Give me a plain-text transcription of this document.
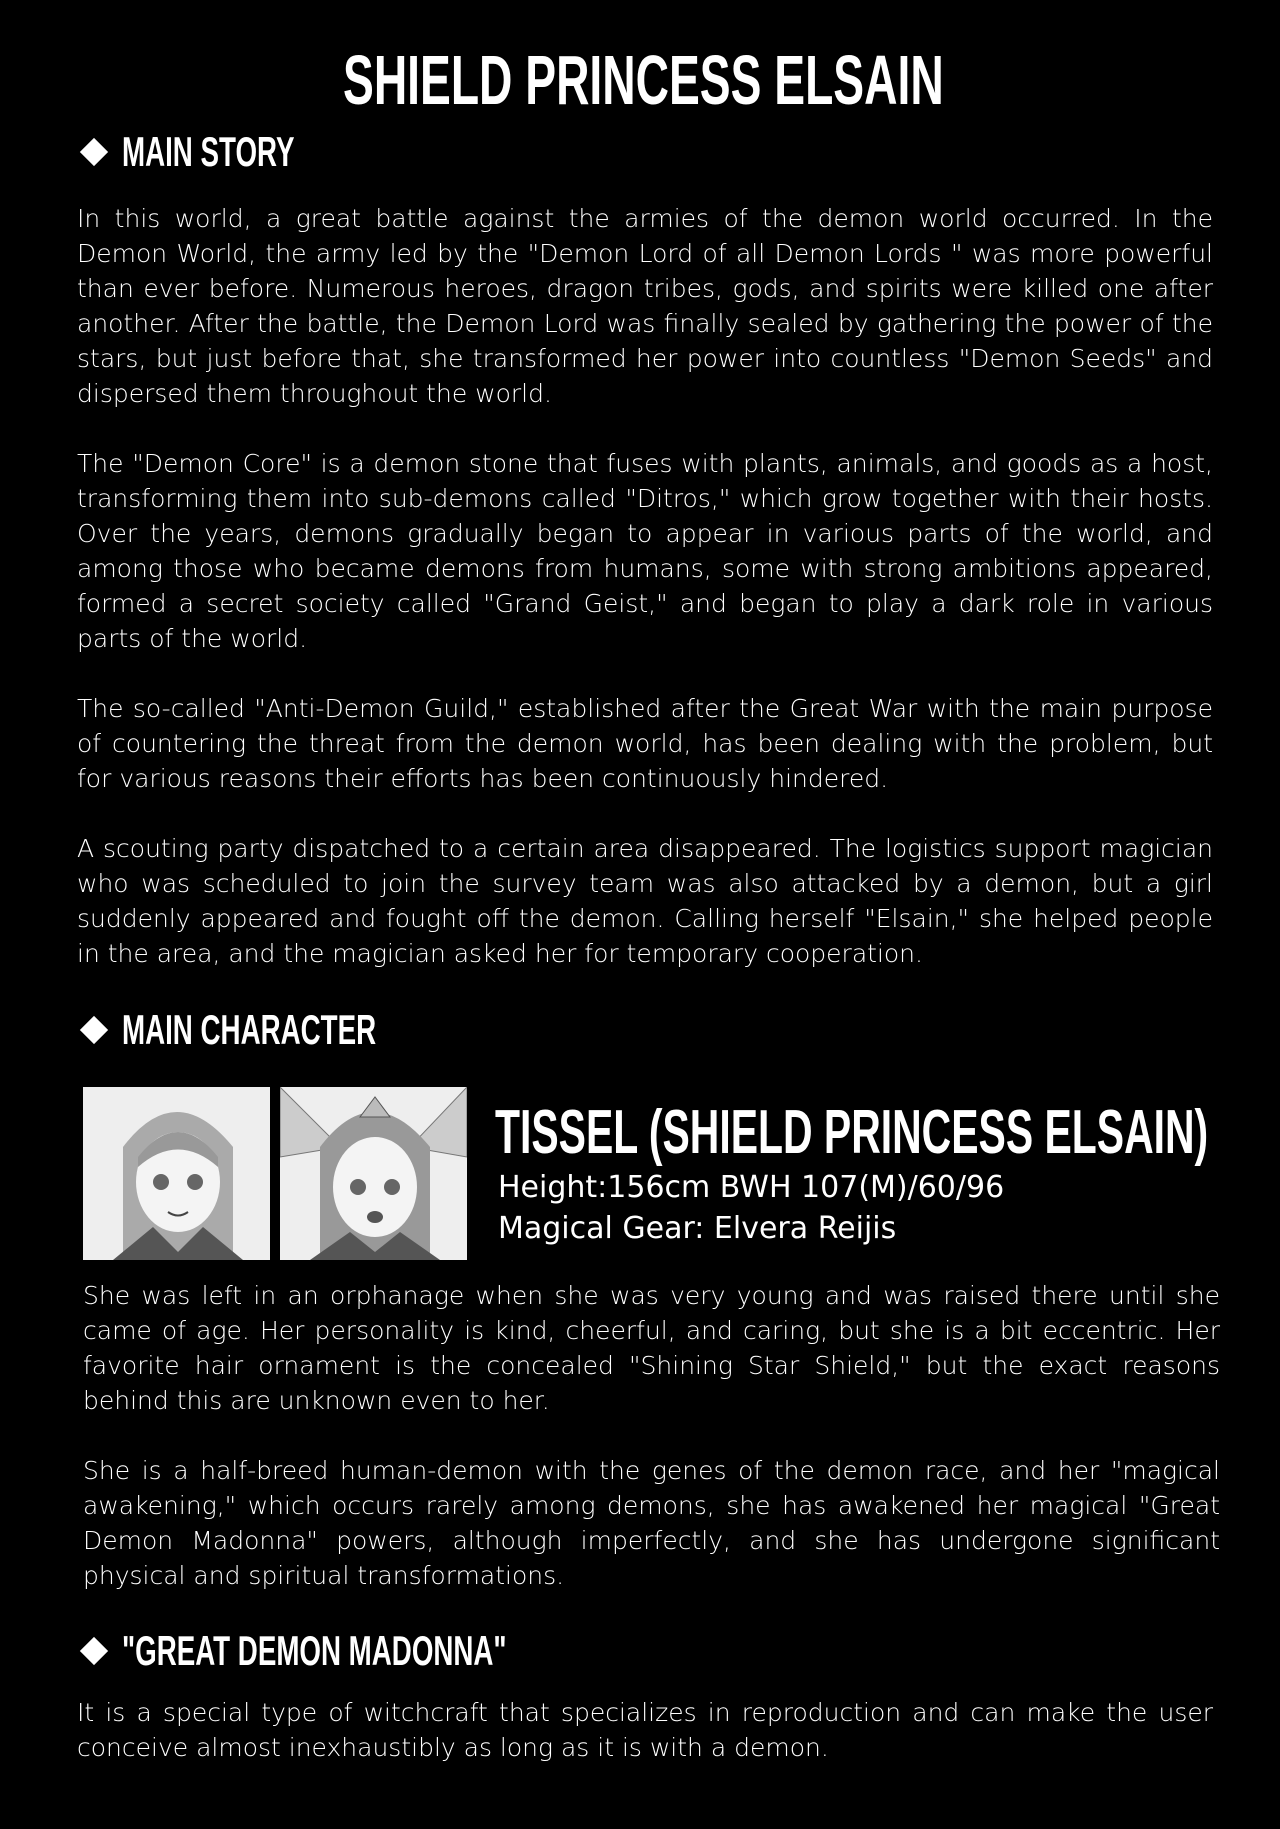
SHIELD PRINCESS ELSAIN
MAIN STORY

In this world, a great battle against the armies of the demon world occurred. In the Demon World, the army led by the "Demon Lord of all Demon Lords " was more powerful than ever before. Numerous heroes, dragon tribes, gods, and spirits were killed one after another. After the battle, the Demon Lord was finally sealed by gathering the power of the stars, but just before that, she transformed her power into countless "Demon Seeds" and dispersed them throughout the world.

The "Demon Core" is a demon stone that fuses with plants, animals, and goods as a host, transforming them into sub-demons called "Ditros," which grow together with their hosts. Over the years, demons gradually began to appear in various parts of the world, and among those who became demons from humans, some with strong ambitions appeared, formed a secret society called "Grand Geist," and began to play a dark role in various parts of the world.

The so-called "Anti-Demon Guild," established after the Great War with the main purpose of countering the threat from the demon world, has been dealing with the problem, but for various reasons their efforts has been continuously hindered.

A scouting party dispatched to a certain area disappeared. The logistics support magician who was scheduled to join the survey team was also attacked by a demon, but a girl suddenly appeared and fought off the demon. Calling herself "Elsain," she helped people in the area, and the magician asked her for temporary cooperation.

MAIN CHARACTER
TISSEL (SHIELD PRINCESS ELSAIN)
Height:156cm BWH 107(M)/60/96
Magical Gear: Elvera Reijis

She was left in an orphanage when she was very young and was raised there until she came of age. Her personality is kind, cheerful, and caring, but she is a bit eccentric. Her favorite hair ornament is the concealed "Shining Star Shield," but the exact reasons behind this are unknown even to her.

She is a half-breed human-demon with the genes of the demon race, and her "magical awakening," which occurs rarely among demons, she has awakened her magical "Great Demon Madonna" powers, although imperfectly, and she has undergone significant physical and spiritual transformations.

"GREAT DEMON MADONNA"

It is a special type of witchcraft that specializes in reproduction and can make the user conceive almost inexhaustibly as long as it is with a demon.
